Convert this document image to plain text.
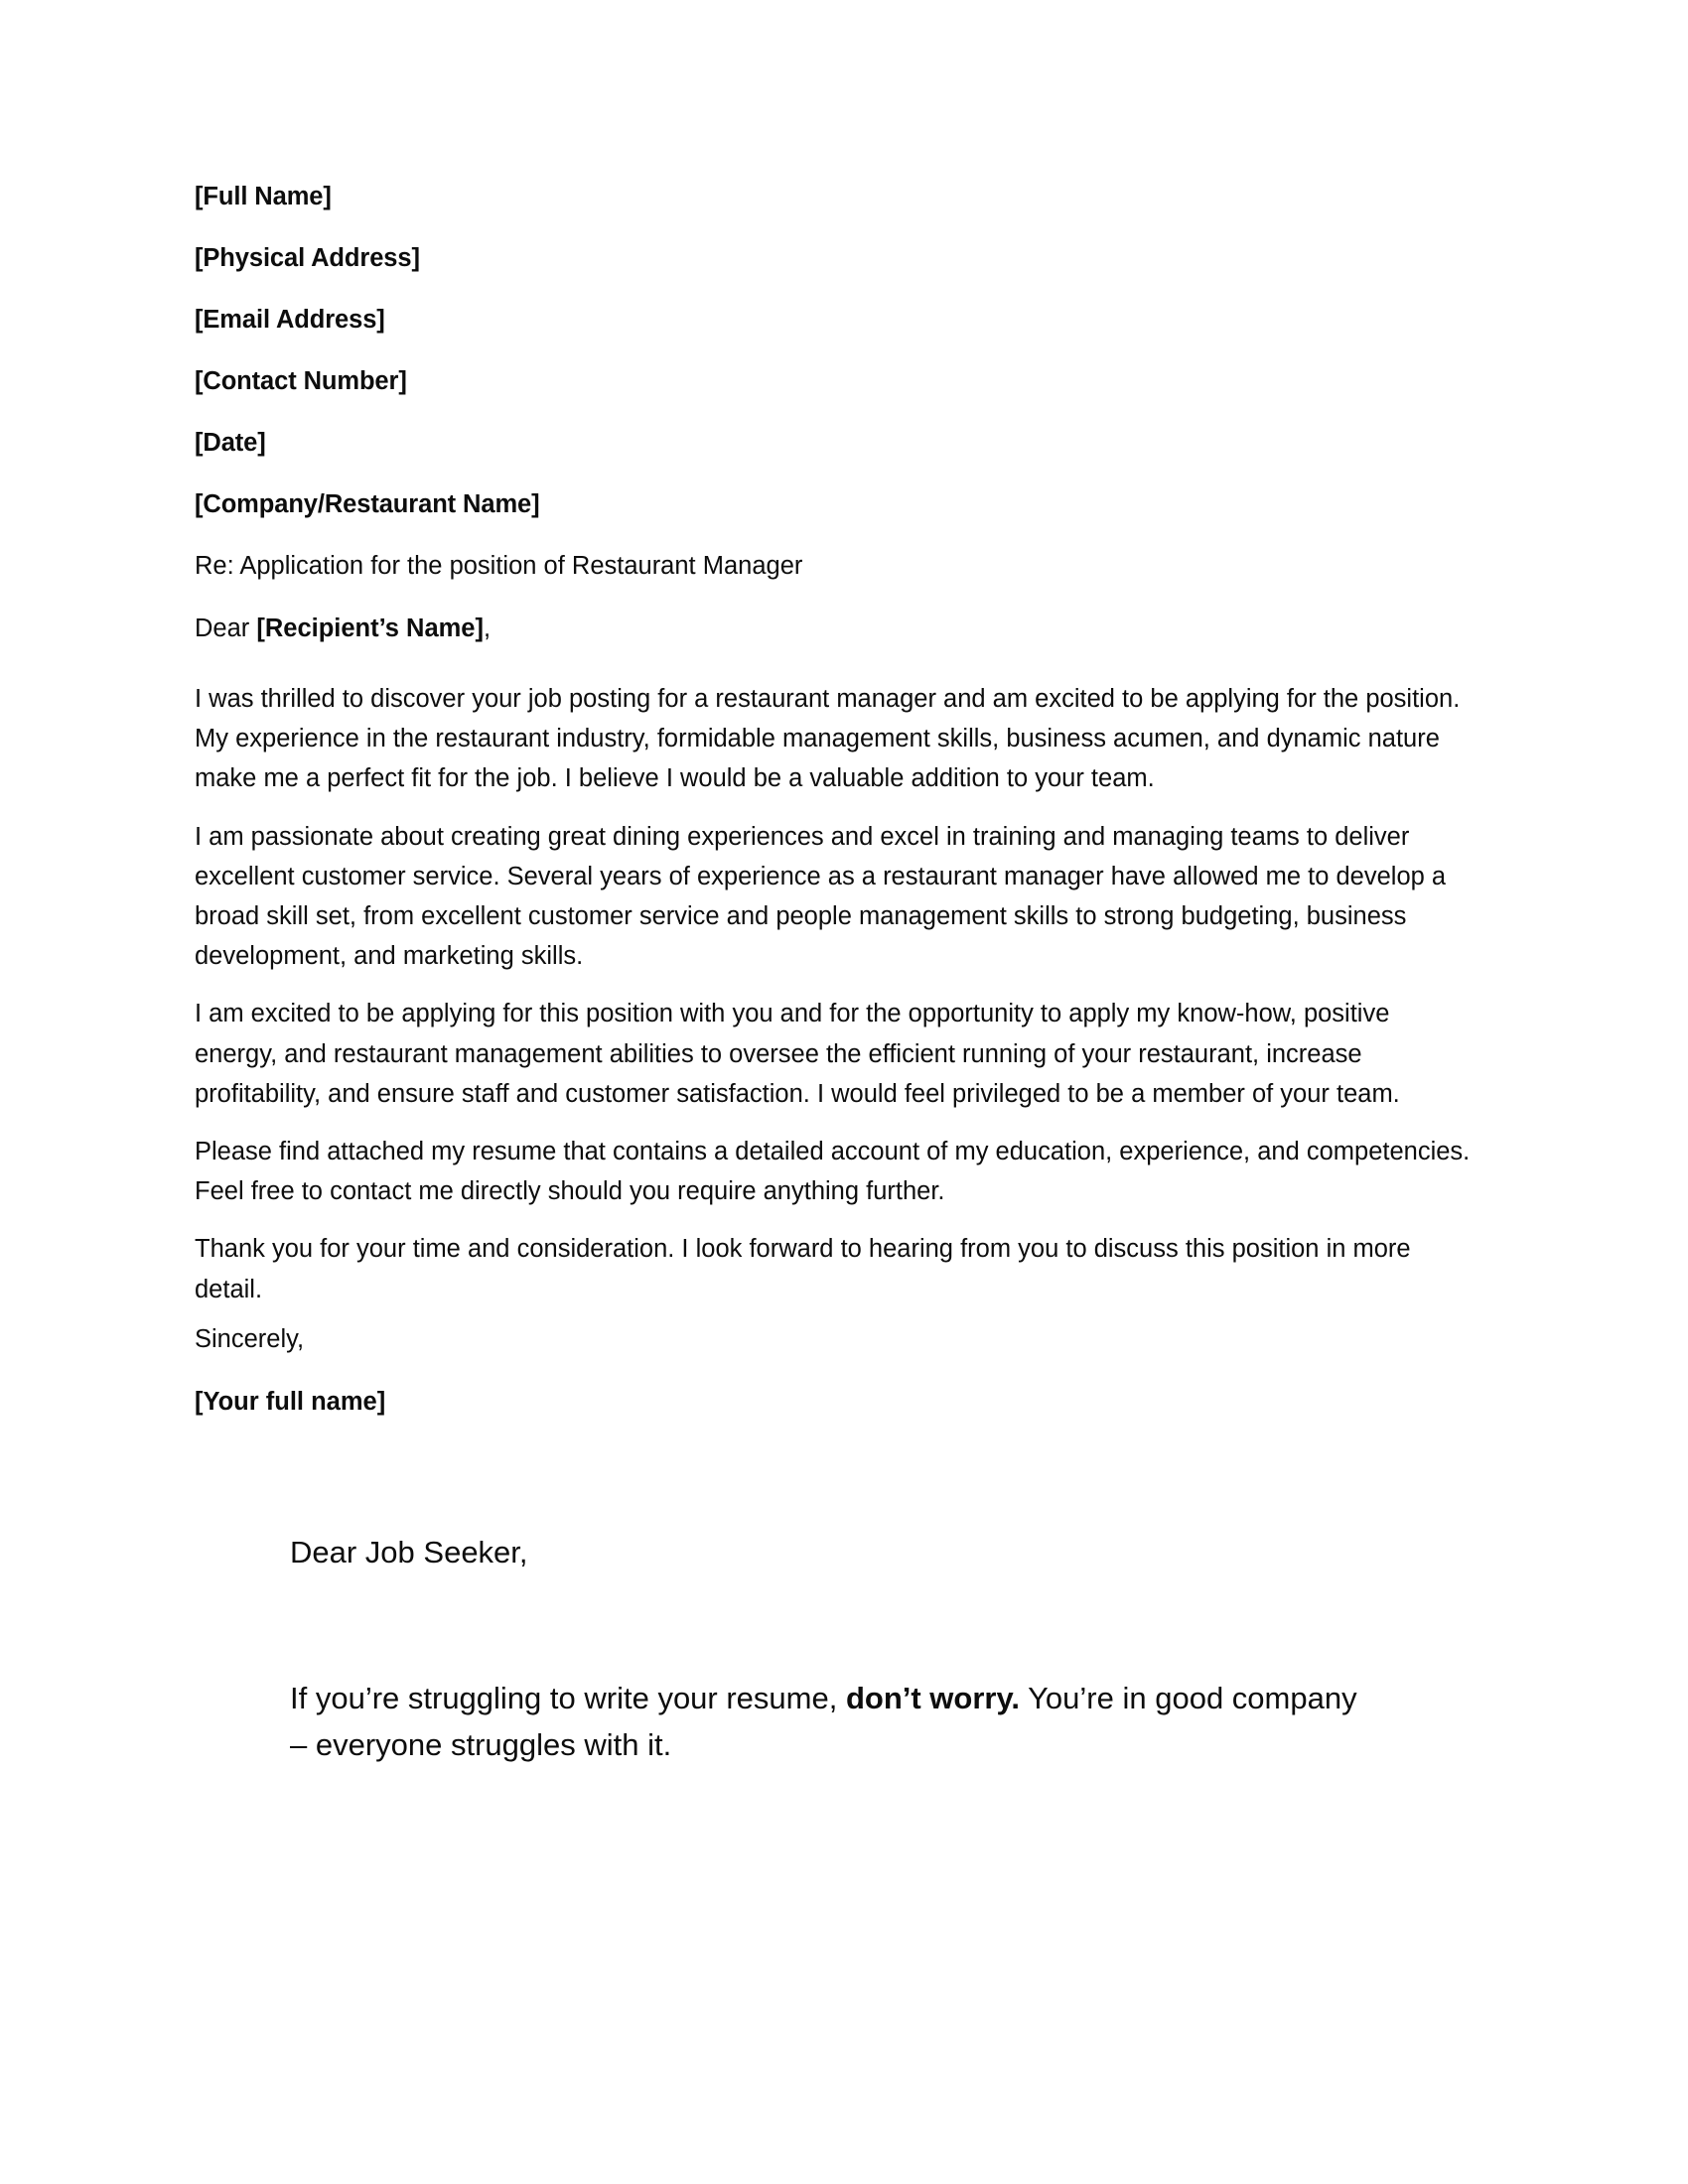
[Full Name]

[Physical Address]

[Email Address]

[Contact Number]

[Date]

[Company/Restaurant Name]

Re: Application for the position of Restaurant Manager

Dear [Recipient’s Name],

I was thrilled to discover your job posting for a restaurant manager and am excited to be applying for the position. My experience in the restaurant industry, formidable management skills, business acumen, and dynamic nature make me a perfect fit for the job. I believe I would be a valuable addition to your team.

I am passionate about creating great dining experiences and excel in training and managing teams to deliver excellent customer service. Several years of experience as a restaurant manager have allowed me to develop a broad skill set, from excellent customer service and people management skills to strong budgeting, business development, and marketing skills.

I am excited to be applying for this position with you and for the opportunity to apply my know-how, positive energy, and restaurant management abilities to oversee the efficient running of your restaurant, increase profitability, and ensure staff and customer satisfaction. I would feel privileged to be a member of your team.

Please find attached my resume that contains a detailed account of my education, experience, and competencies. Feel free to contact me directly should you require anything further.

Thank you for your time and consideration. I look forward to hearing from you to discuss this position in more detail.

Sincerely,

[Your full name]

Dear Job Seeker,

If you’re struggling to write your resume, don’t worry. You’re in good company – everyone struggles with it.
